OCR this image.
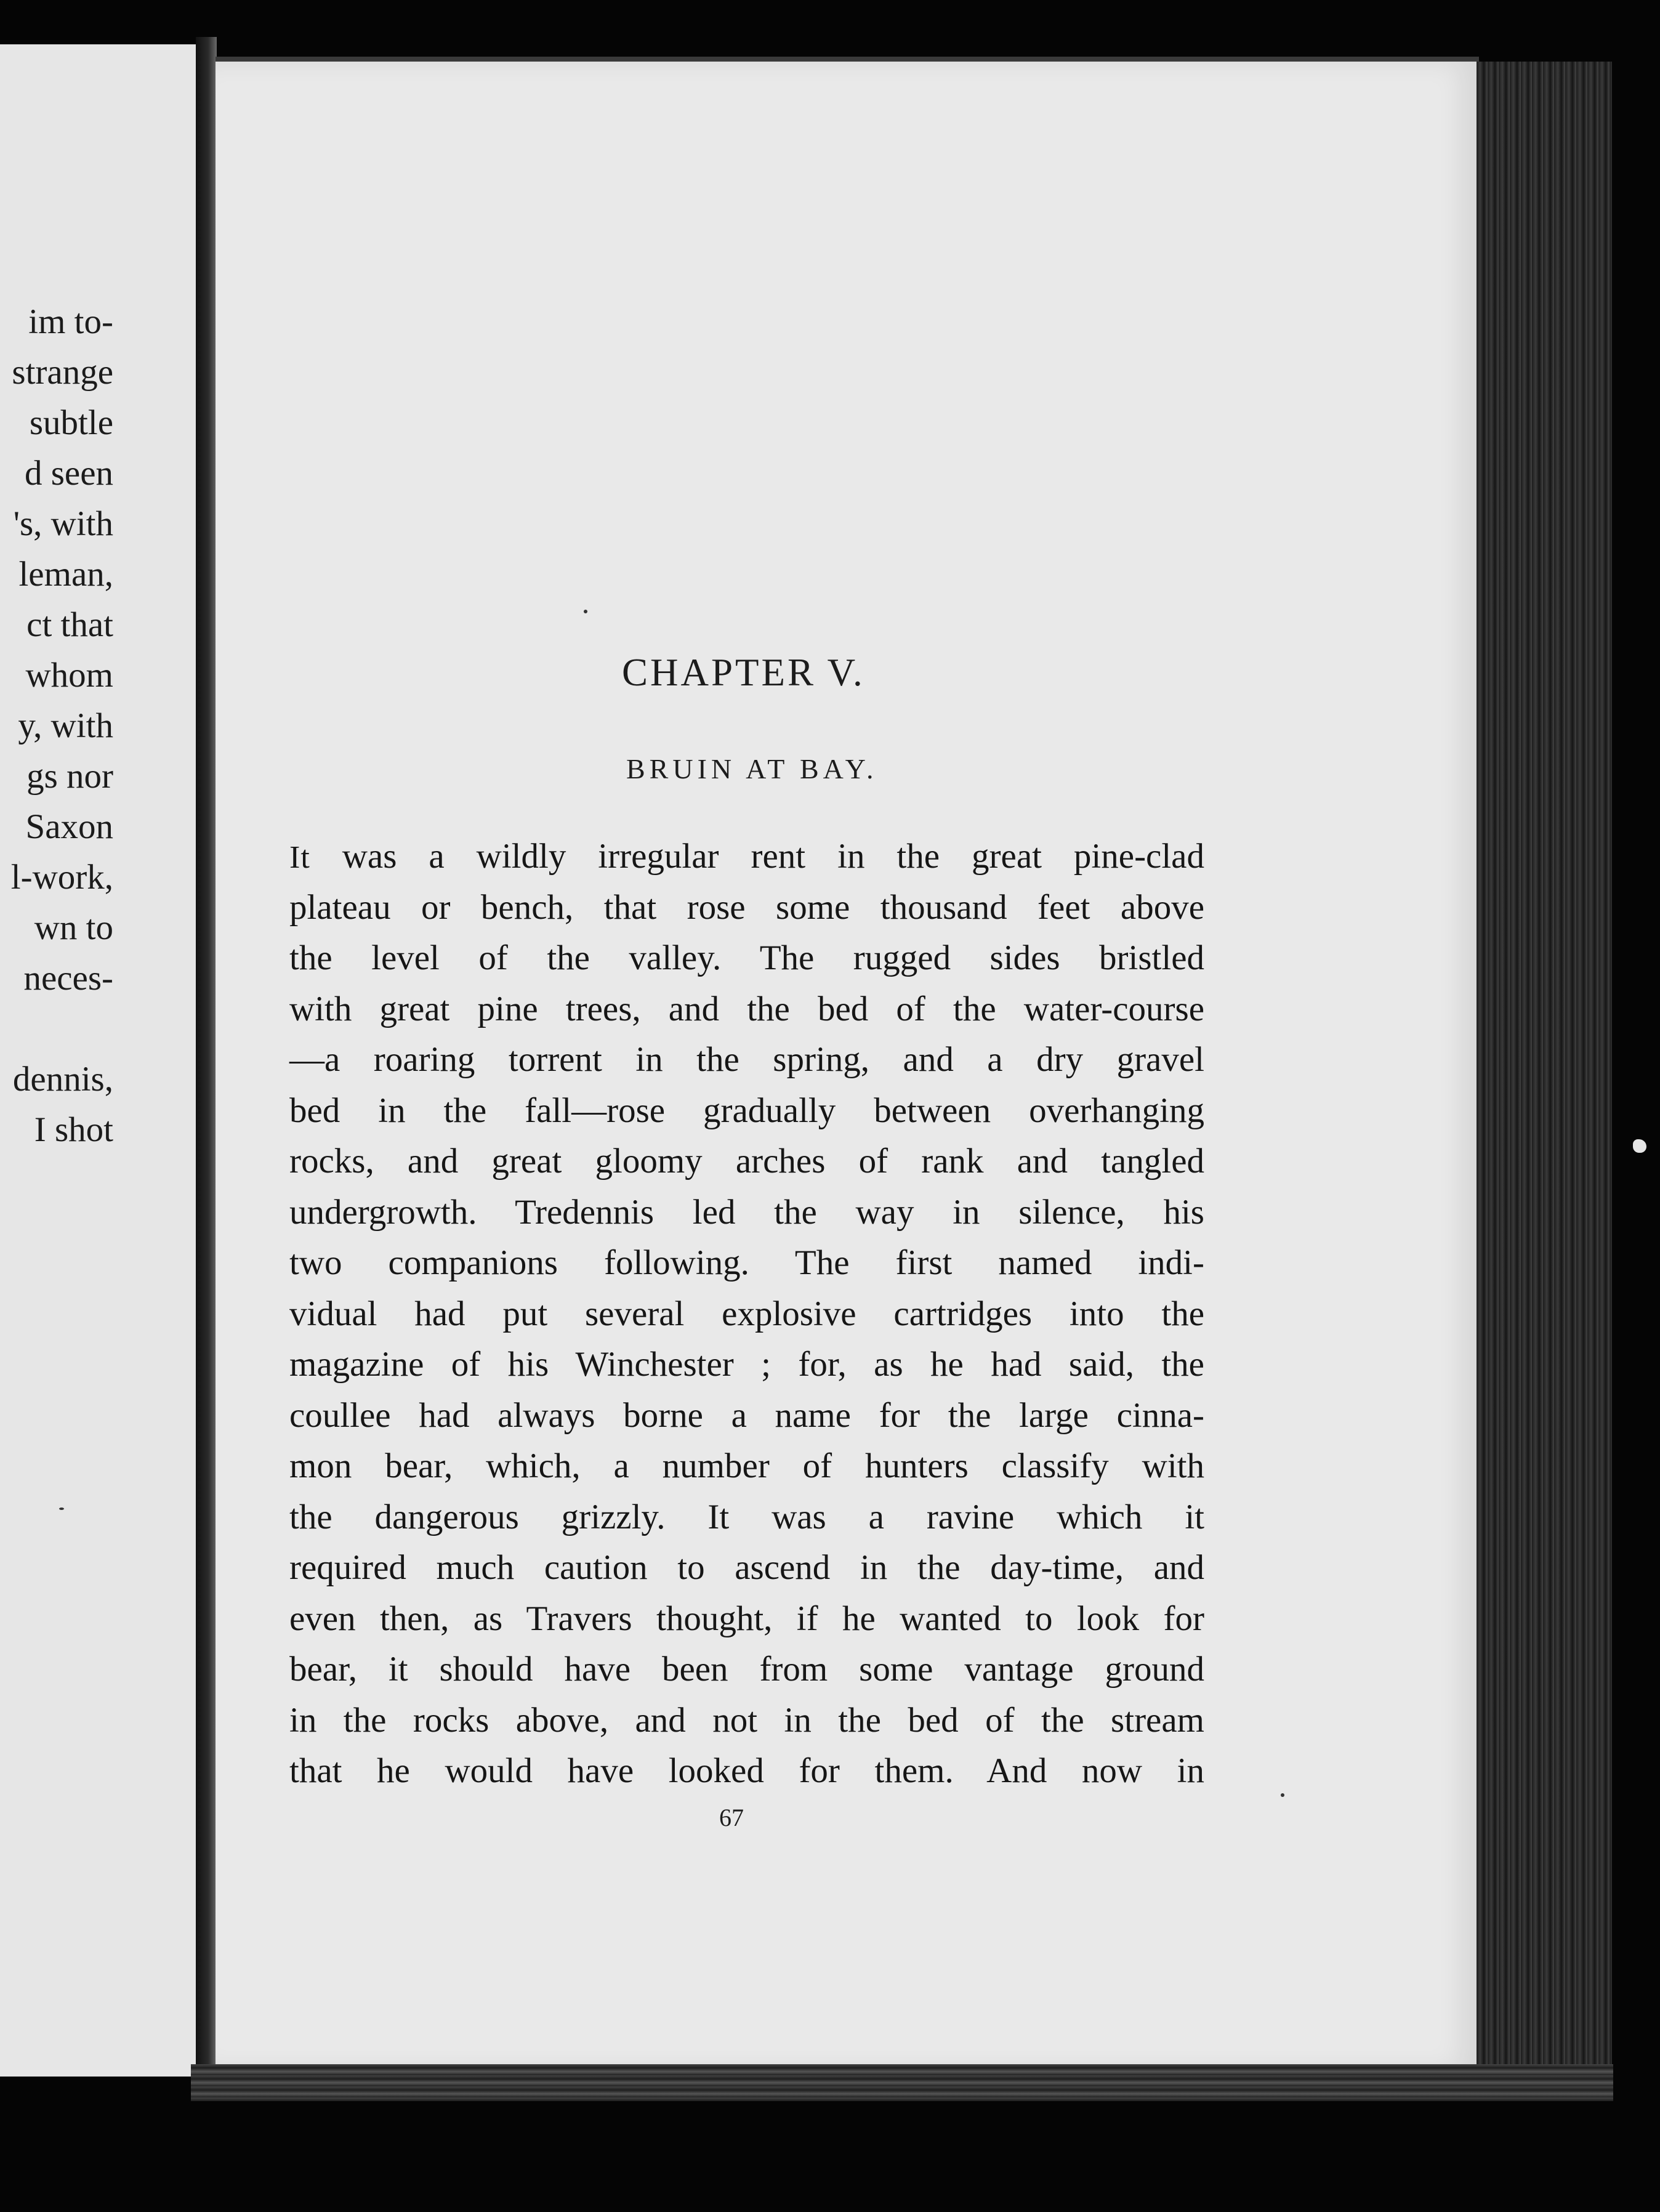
im to-
strange
subtle
d seen
's, with
leman,
ct that
whom
y, with
gs nor
Saxon
l-work,
wn to
neces-
dennis,
I shot
CHAPTER V.
BRUIN AT BAY.
It was a wildly irregular rent in the great pine-clad
plateau or bench, that rose some thousand feet above
the level of the valley. The rugged sides bristled
with great pine trees, and the bed of the water-course
—a roaring torrent in the spring, and a dry gravel
bed in the fall—rose gradually between overhanging
rocks, and great gloomy arches of rank and tangled
undergrowth. Tredennis led the way in silence, his
two companions following. The first named indi-
vidual had put several explosive cartridges into the
magazine of his Winchester ; for, as he had said, the
coullee had always borne a name for the large cinna-
mon bear, which, a number of hunters classify with
the dangerous grizzly. It was a ravine which it
required much caution to ascend in the day-time, and
even then, as Travers thought, if he wanted to look for
bear, it should have been from some vantage ground
in the rocks above, and not in the bed of the stream
that he would have looked for them. And now in
67
